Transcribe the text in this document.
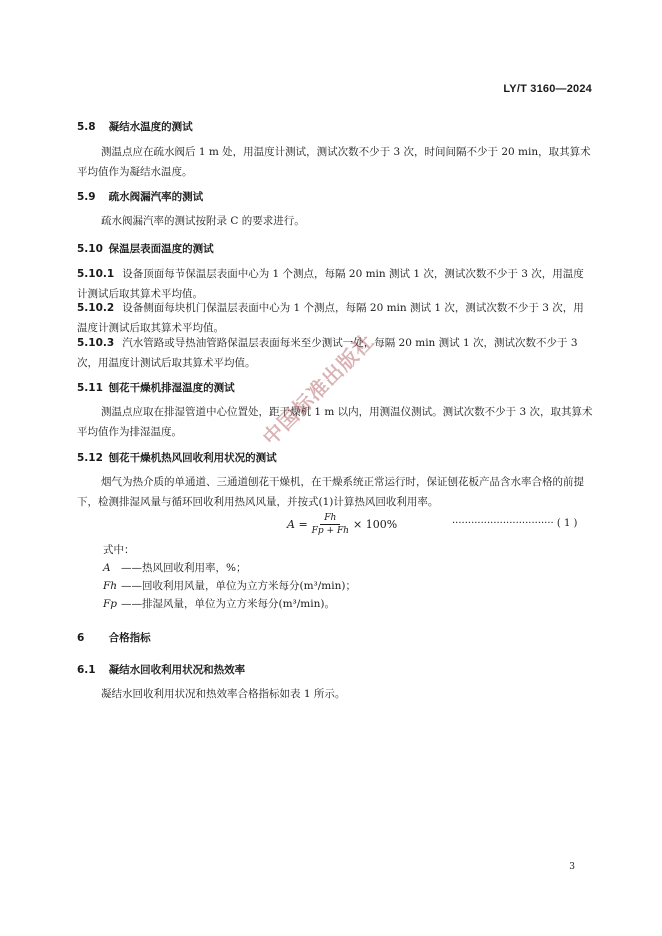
LY/T 3160—2024
5.8 凝结水温度的测试
测温点应在疏水阀后 1 m 处，用温度计测试，测试次数不少于 3 次，时间间隔不少于 20 min，取其算术平均值作为凝结水温度。
5.9 疏水阀漏汽率的测试
疏水阀漏汽率的测试按附录 C 的要求进行。
5.10 保温层表面温度的测试
5.10.1 设备顶面每节保温层表面中心为 1 个测点，每隔 20 min 测试 1 次，测试次数不少于 3 次，用温度计测试后取其算术平均值。
5.10.2 设备侧面每块机门保温层表面中心为 1 个测点，每隔 20 min 测试 1 次，测试次数不少于 3 次，用温度计测试后取其算术平均值。
5.10.3 汽水管路或导热油管路保温层表面每米至少测试一处，每隔 20 min 测试 1 次，测试次数不少于 3 次，用温度计测试后取其算术平均值。
5.11 刨花干燥机排湿温度的测试
测温点应取在排湿管道中心位置处，距干燥机 1 m 以内，用测温仪测试。测试次数不少于 3 次，取其算术平均值作为排湿温度。
5.12 刨花干燥机热风回收利用状况的测试
烟气为热介质的单通道、三通道刨花干燥机，在干燥系统正常运行时，保证刨花板产品含水率合格的前提下，检测排湿风量与循环回收利用热风风量，并按式(1)计算热风回收利用率。
$A = \frac{Fh}{Fp + Fh} \times 100\%$	································ ( 1 )
式中：
A ——热风回收利用率，%；
Fh ——回收利用风量，单位为立方米每分(m³/min)；
Fp ——排湿风量，单位为立方米每分(m³/min)。
6 合格指标
6.1 凝结水回收利用状况和热效率
凝结水回收利用状况和热效率合格指标如表 1 所示。
中国标准出版社
3
